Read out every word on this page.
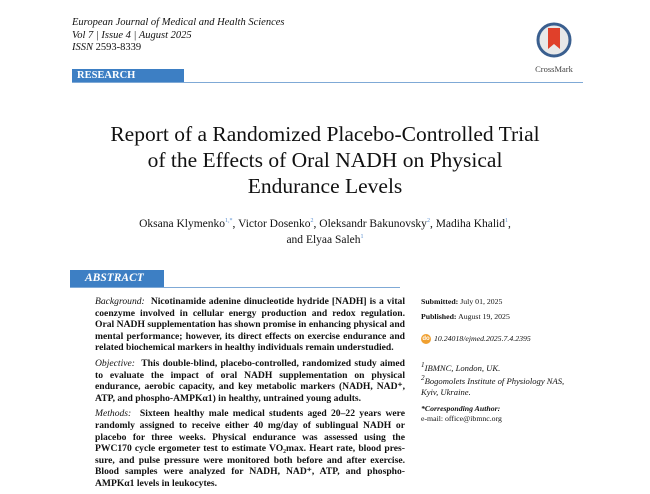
European Journal of Medical and Health Sciences
Vol 7 | Issue 4 | August 2025
ISSN 2593-8339
CrossMark
RESEARCH ARTICLE
Report of a Randomized Placebo-Controlled Trial
of the Effects of Oral NADH on Physical
Endurance Levels
Oksana Klymenko$^{1,*}$, Victor Dosenko$^2$, Oleksandr Bakunovsky$^2$, Madiha Khalid$^1$,
and Elyaa Saleh$^1$
ABSTRACT

Background: Nicotinamide adenine dinucleotide hydride [NADH] is a vital coenzyme involved in cellular energy production and redox regulation. Oral NADH supplementation has shown promise in enhancing physical and mental performance; however, its direct effects on exercise endurance and related biochemical markers in healthy individuals remain understudied.

Objective: This double-blind, placebo-controlled, randomized study aimed to evaluate the impact of oral NADH supplementation on physical endurance, aerobic capacity, and key metabolic markers (NADH, NAD⁺, ATP, and phospho-AMPKα1) in healthy, untrained young adults.

Methods: Sixteen healthy male medical students aged 20–22 years were randomly assigned to receive either 40 mg/day of sublingual NADH or placebo for three weeks. Physical endurance was assessed using the PWC170 cycle ergometer test to estimate VO₂max. Heart rate, blood pres-sure, and pulse pressure were monitored both before and after exercise. Blood samples were analyzed for NADH, NAD⁺, ATP, and phospho-AMPKα1 levels in leukocytes.

Submitted: July 01, 2025
Published: August 19, 2025
do 10.24018/ejmed.2025.7.4.2395
$^1$IBMNC, London, UK.
$^2$Bogomolets Institute of Physiology NAS, Kyiv, Ukraine.
*Corresponding Author:
e-mail: office@ibmnc.org
